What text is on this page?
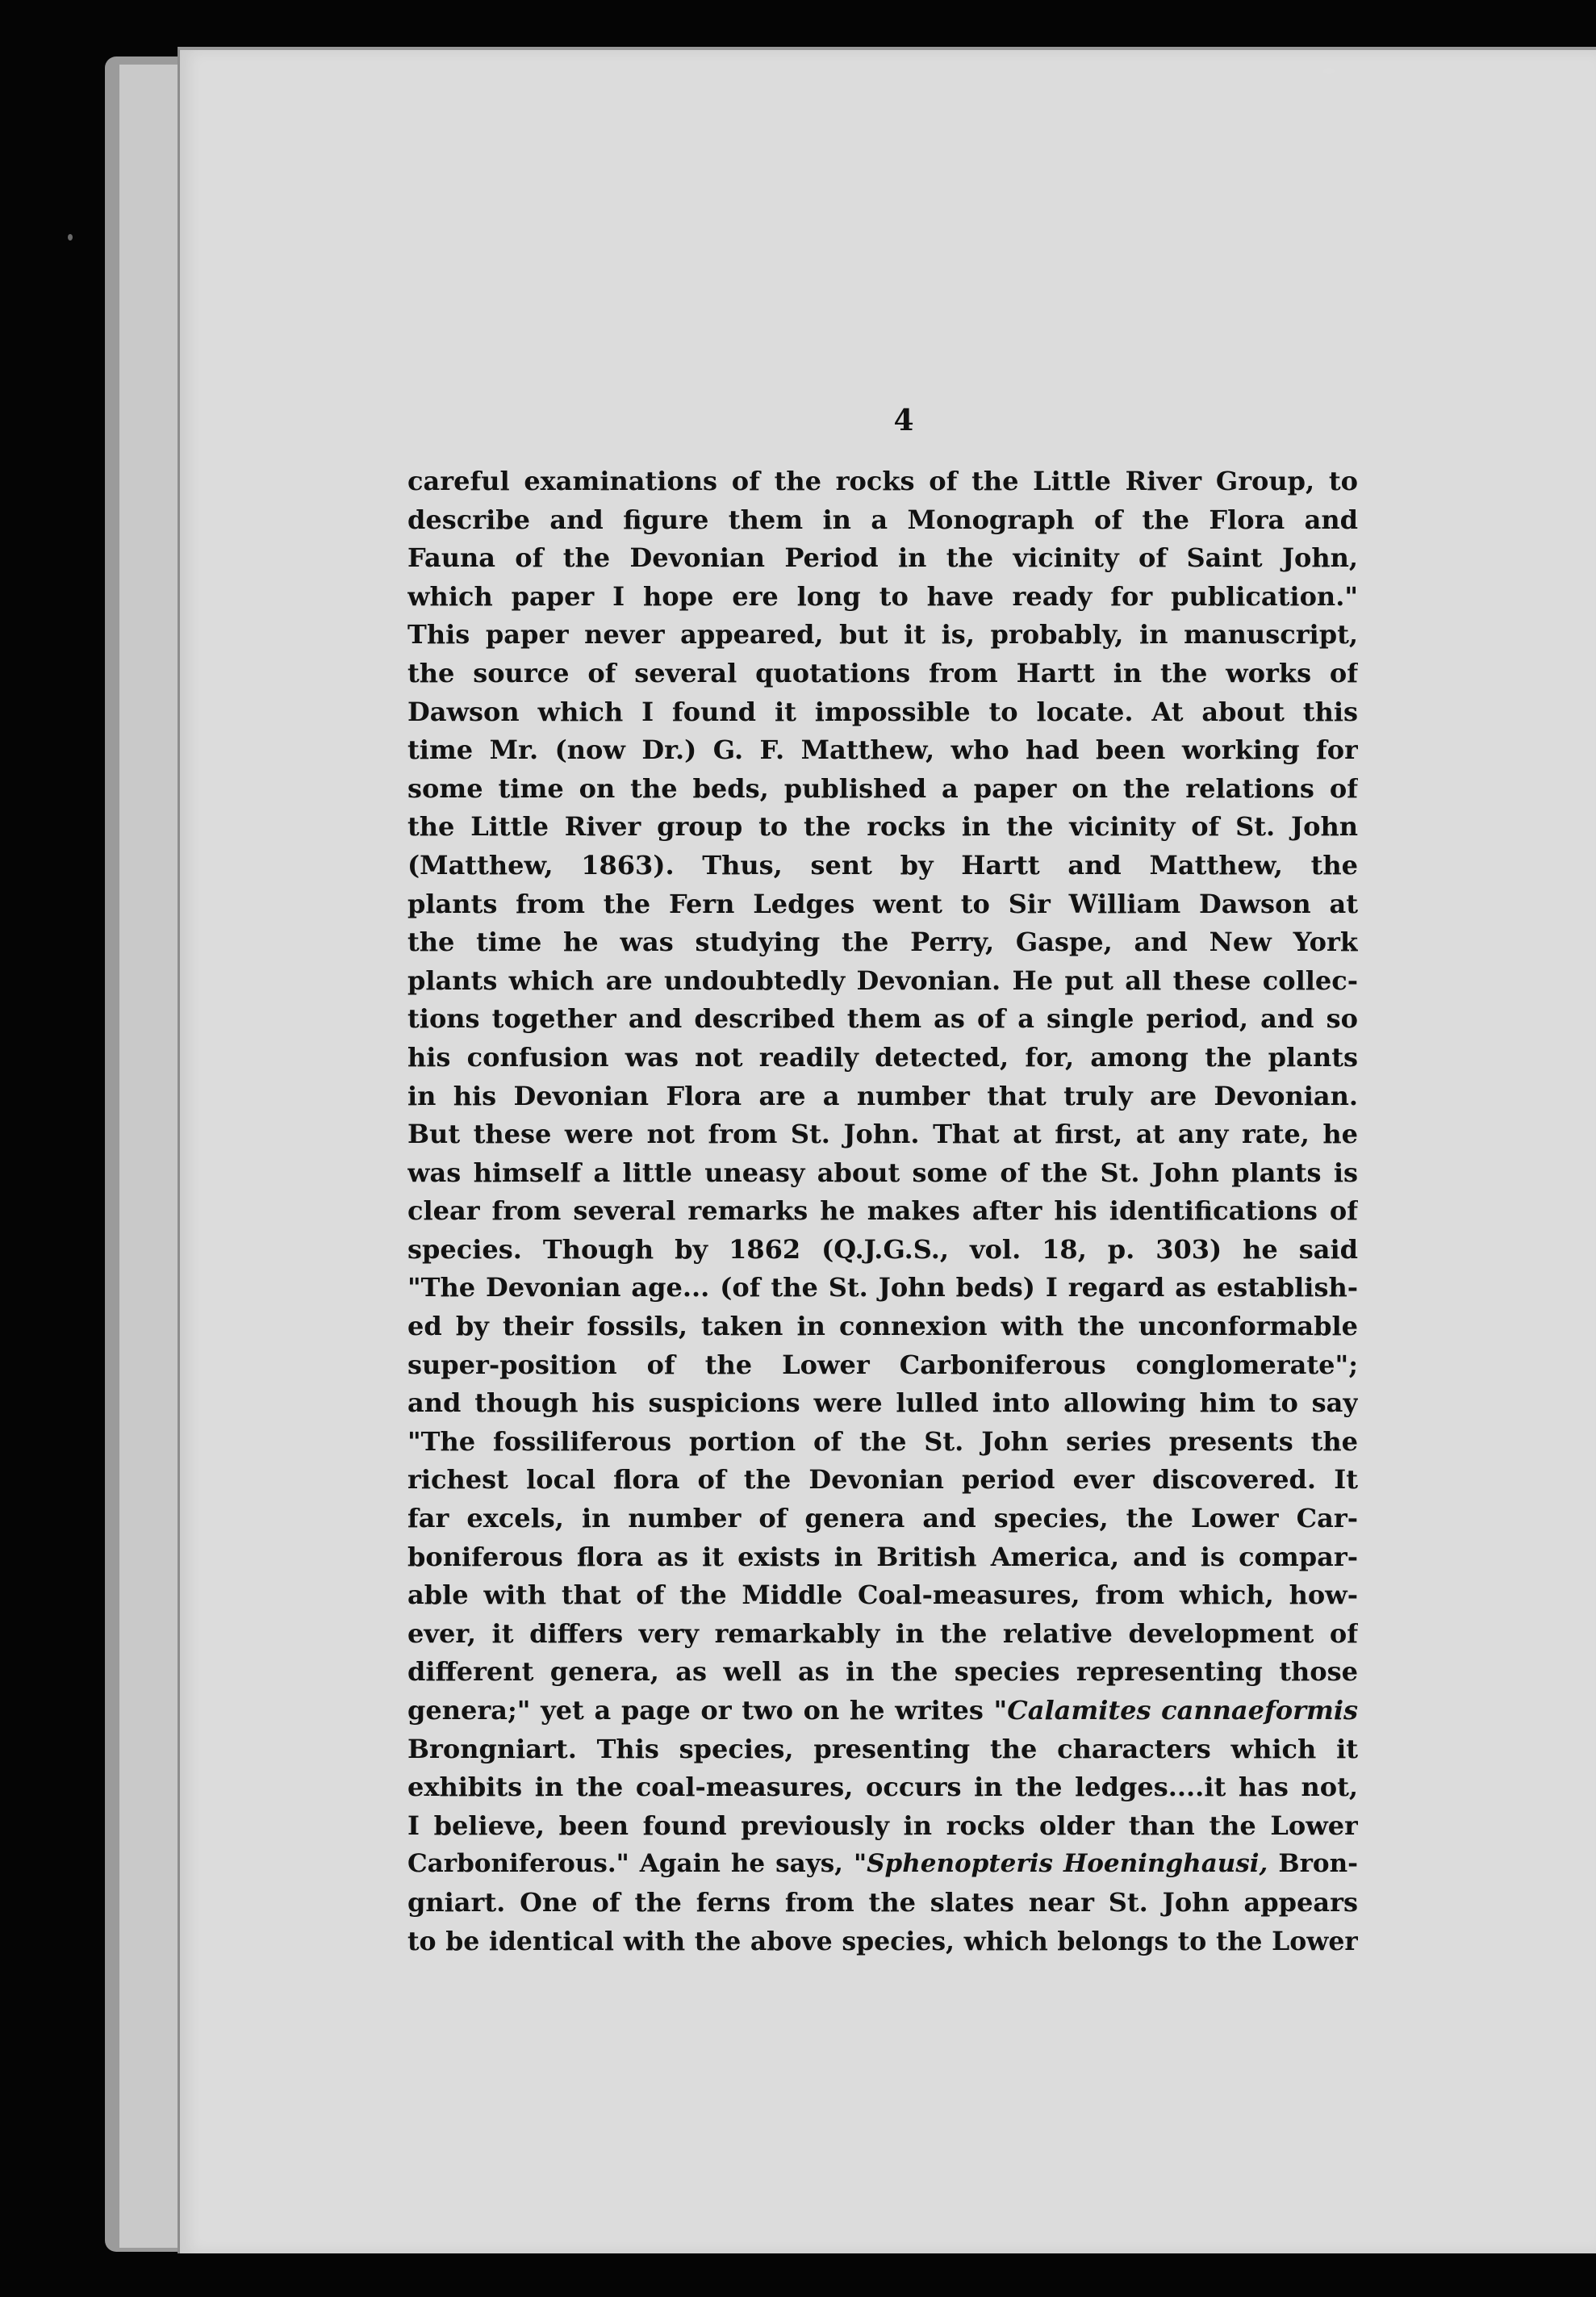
4
careful examinations of the rocks of the Little River Group, to
describe and figure them in a Monograph of the Flora and
Fauna of the Devonian Period in the vicinity of Saint John,
which paper I hope ere long to have ready for publication."
This paper never appeared, but it is, probably, in manuscript,
the source of several quotations from Hartt in the works of
Dawson which I found it impossible to locate. At about this
time Mr. (now Dr.) G. F. Matthew, who had been working for
some time on the beds, published a paper on the relations of
the Little River group to the rocks in the vicinity of St. John
(Matthew, 1863). Thus, sent by Hartt and Matthew, the
plants from the Fern Ledges went to Sir William Dawson at
the time he was studying the Perry, Gaspe, and New York
plants which are undoubtedly Devonian. He put all these collec-
tions together and described them as of a single period, and so
his confusion was not readily detected, for, among the plants
in his Devonian Flora are a number that truly are Devonian.
But these were not from St. John. That at first, at any rate, he
was himself a little uneasy about some of the St. John plants is
clear from several remarks he makes after his identifications of
species. Though by 1862 (Q.J.G.S., vol. 18, p. 303) he said
"The Devonian age... (of the St. John beds) I regard as establish-
ed by their fossils, taken in connexion with the unconformable
super-position of the Lower Carboniferous conglomerate";
and though his suspicions were lulled into allowing him to say
"The fossiliferous portion of the St. John series presents the
richest local flora of the Devonian period ever discovered. It
far excels, in number of genera and species, the Lower Car-
boniferous flora as it exists in British America, and is compar-
able with that of the Middle Coal-measures, from which, how-
ever, it differs very remarkably in the relative development of
different genera, as well as in the species representing those
genera;" yet a page or two on he writes "Calamites cannaeformis
Brongniart. This species, presenting the characters which it
exhibits in the coal-measures, occurs in the ledges....it has not,
I believe, been found previously in rocks older than the Lower
Carboniferous." Again he says, "Sphenopteris Hoeninghausi, Bron-
gniart. One of the ferns from the slates near St. John appears
to be identical with the above species, which belongs to the Lower
